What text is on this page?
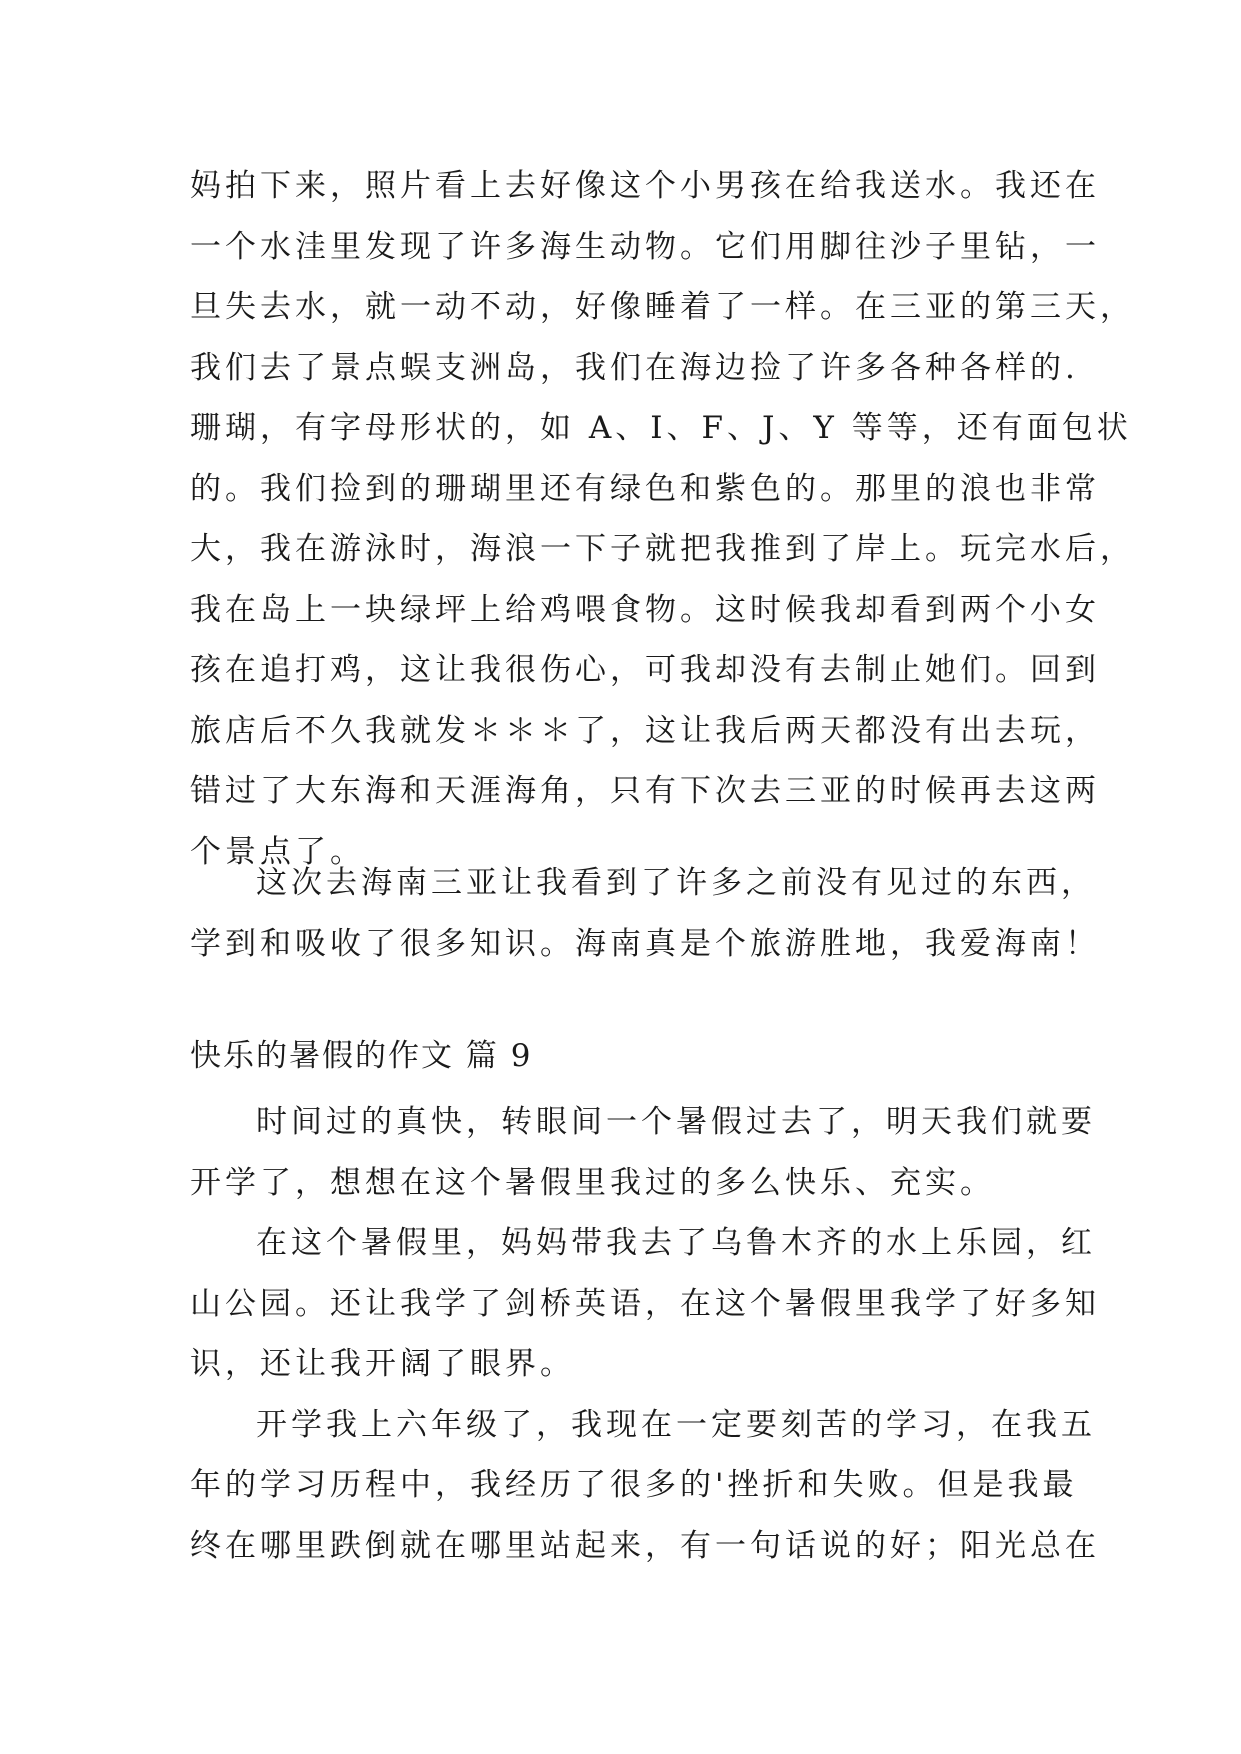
妈拍下来，照片看上去好像这个小男孩在给我送水。我还在
一个水洼里发现了许多海生动物。它们用脚往沙子里钻，一
旦失去水，就一动不动，好像睡着了一样。在三亚的第三天，
我们去了景点蜈支洲岛，我们在海边捡了许多各种各样的.
珊瑚，有字母形状的，如 A、I、F、J、Y 等等，还有面包状
的。我们捡到的珊瑚里还有绿色和紫色的。那里的浪也非常
大，我在游泳时，海浪一下子就把我推到了岸上。玩完水后，
我在岛上一块绿坪上给鸡喂食物。这时候我却看到两个小女
孩在追打鸡，这让我很伤心，可我却没有去制止她们。回到
旅店后不久我就发＊＊＊了，这让我后两天都没有出去玩，
错过了大东海和天涯海角，只有下次去三亚的时候再去这两
个景点了。
这次去海南三亚让我看到了许多之前没有见过的东西，
学到和吸收了很多知识。海南真是个旅游胜地，我爱海南！
快乐的暑假的作文 篇 9
时间过的真快，转眼间一个暑假过去了，明天我们就要
开学了，想想在这个暑假里我过的多么快乐、充实。
在这个暑假里，妈妈带我去了乌鲁木齐的水上乐园，红
山公园。还让我学了剑桥英语，在这个暑假里我学了好多知
识，还让我开阔了眼界。
开学我上六年级了，我现在一定要刻苦的学习，在我五
年的学习历程中，我经历了很多的'挫折和失败。但是我最
终在哪里跌倒就在哪里站起来，有一句话说的好；阳光总在
